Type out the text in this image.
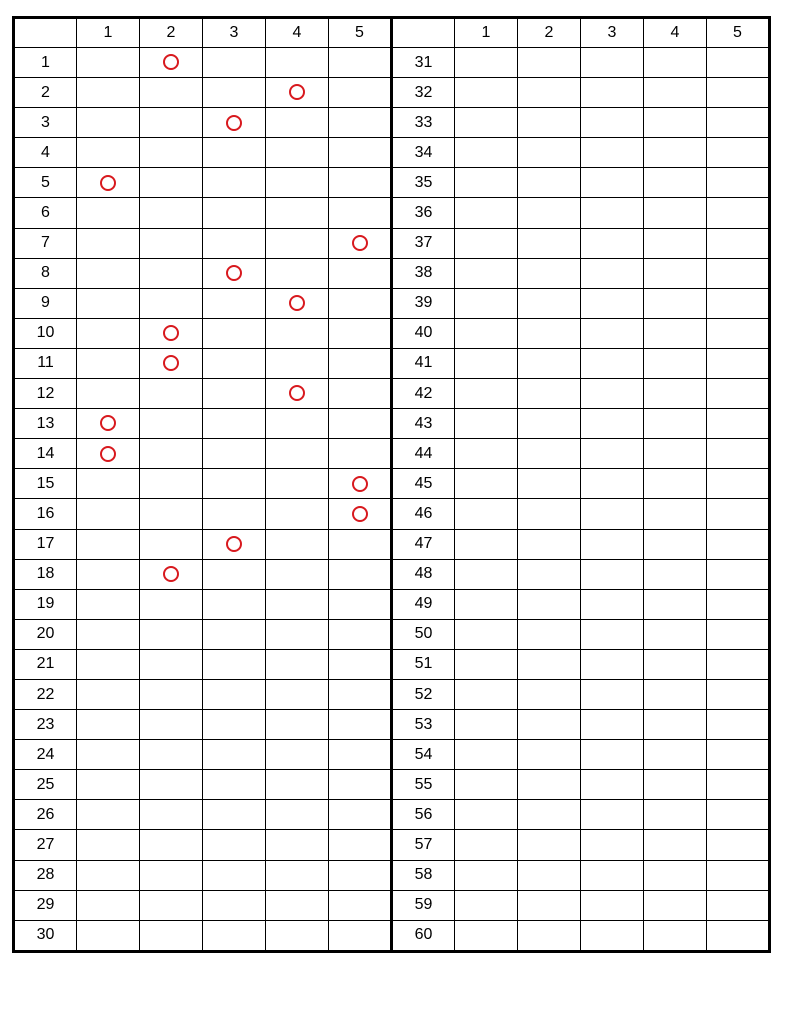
	1	2	3	4	5		1	2	3	4	5
1						31					
2						32					
3						33					
4						34					
5						35					
6						36					
7						37					
8						38					
9						39					
10						40					
11						41					
12						42					
13						43					
14						44					
15						45					
16						46					
17						47					
18						48					
19						49					
20						50					
21						51					
22						52					
23						53					
24						54					
25						55					
26						56					
27						57					
28						58					
29						59					
30						60					
